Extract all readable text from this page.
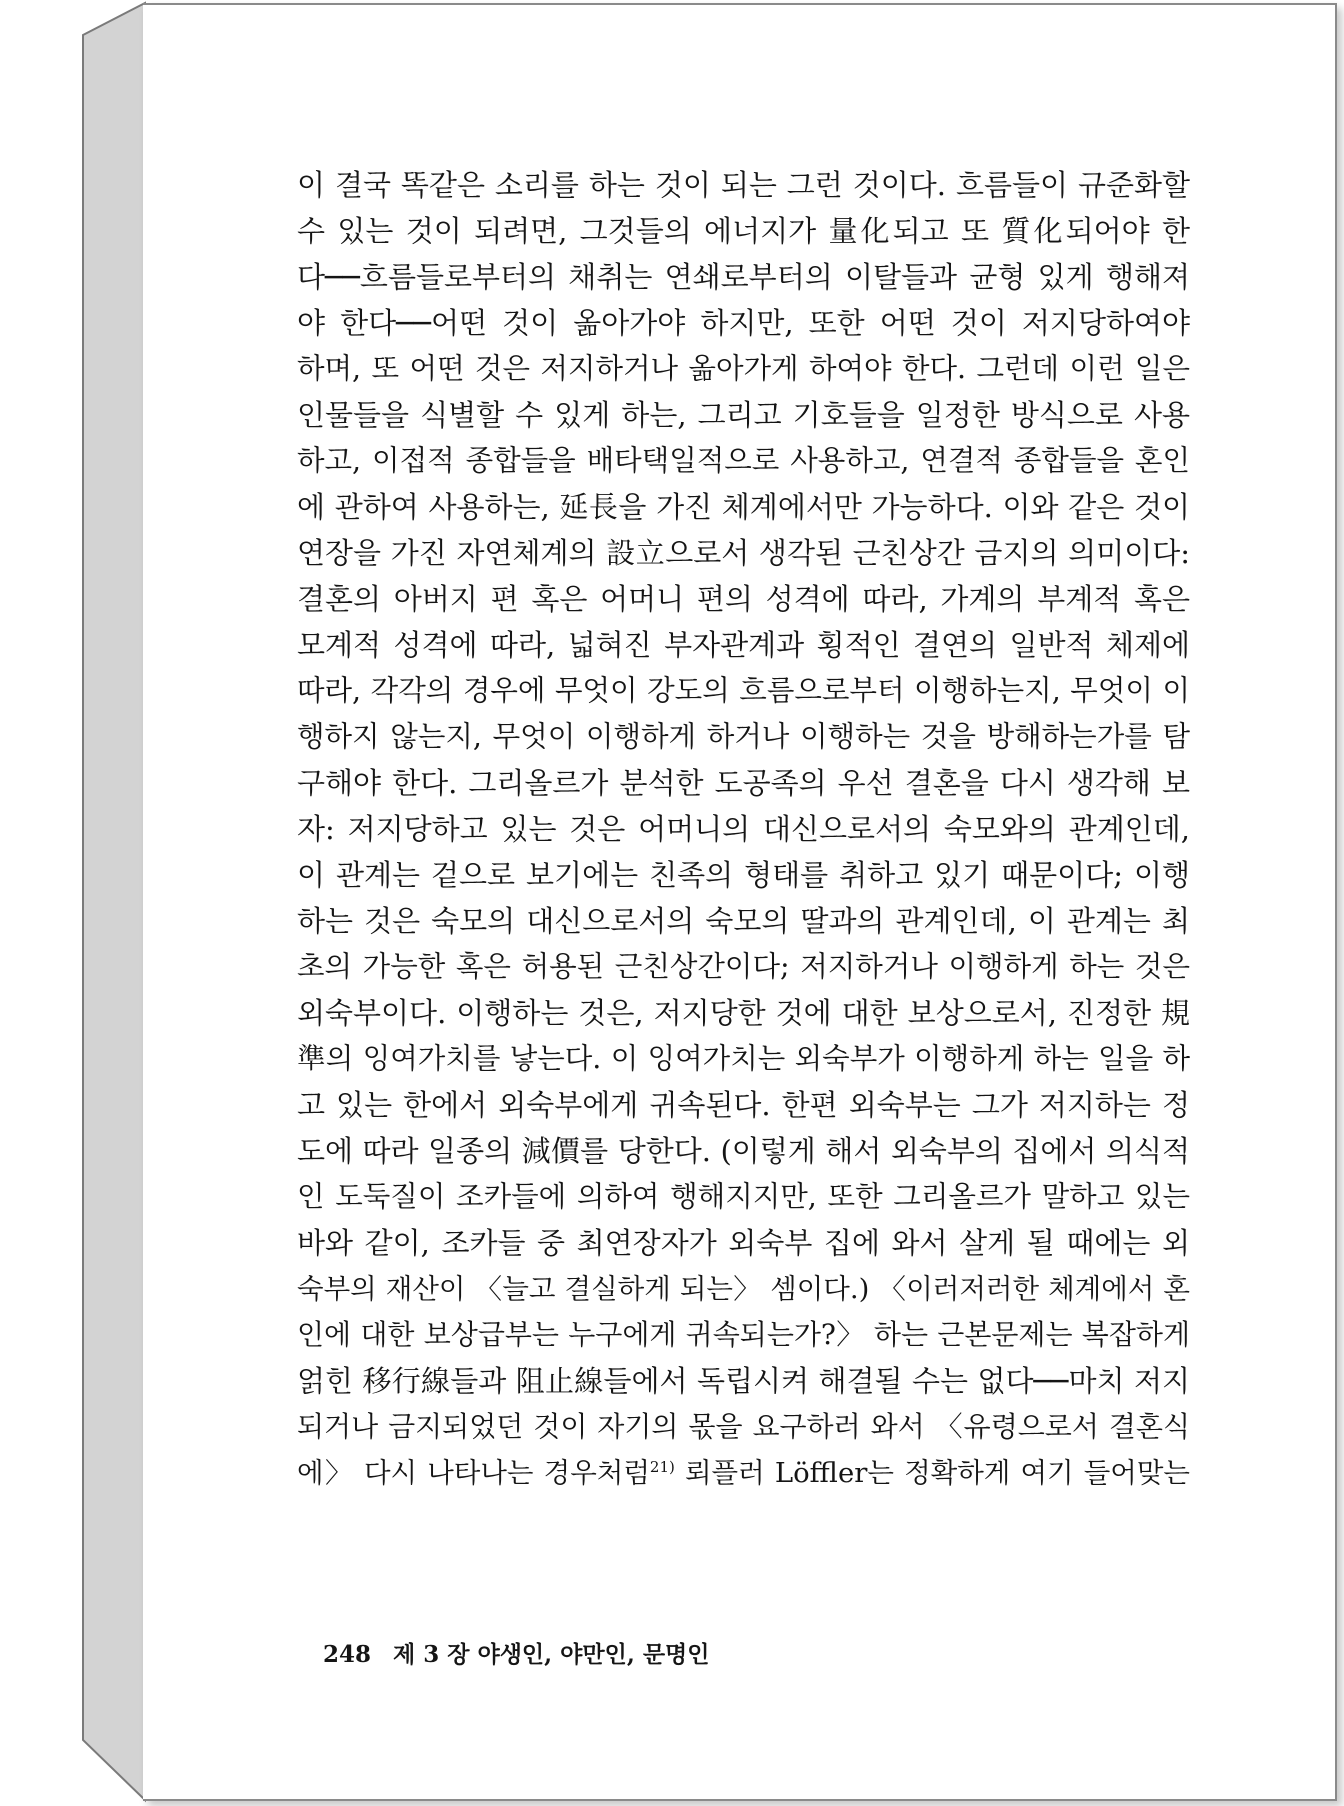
이 결국 똑같은 소리를 하는 것이 되는 그런 것이다. 흐름들이 규준화할
수 있는 것이 되려면, 그것들의 에너지가 量化되고 또 質化되어야 한
다──흐름들로부터의 채취는 연쇄로부터의 이탈들과 균형 있게 행해져
야 한다──어떤 것이 옮아가야 하지만, 또한 어떤 것이 저지당하여야
하며, 또 어떤 것은 저지하거나 옮아가게 하여야 한다. 그런데 이런 일은
인물들을 식별할 수 있게 하는, 그리고 기호들을 일정한 방식으로 사용
하고, 이접적 종합들을 배타택일적으로 사용하고, 연결적 종합들을 혼인
에 관하여 사용하는, 延長을 가진 체계에서만 가능하다. 이와 같은 것이
연장을 가진 자연체계의 設立으로서 생각된 근친상간 금지의 의미이다:
결혼의 아버지 편 혹은 어머니 편의 성격에 따라, 가계의 부계적 혹은
모계적 성격에 따라, 넓혀진 부자관계과 횡적인 결연의 일반적 체제에
따라, 각각의 경우에 무엇이 강도의 흐름으로부터 이행하는지, 무엇이 이
행하지 않는지, 무엇이 이행하게 하거나 이행하는 것을 방해하는가를 탐
구해야 한다. 그리올르가 분석한 도공족의 우선 결혼을 다시 생각해 보
자: 저지당하고 있는 것은 어머니의 대신으로서의 숙모와의 관계인데,
이 관계는 겉으로 보기에는 친족의 형태를 취하고 있기 때문이다; 이행
하는 것은 숙모의 대신으로서의 숙모의 딸과의 관계인데, 이 관계는 최
초의 가능한 혹은 허용된 근친상간이다; 저지하거나 이행하게 하는 것은
외숙부이다. 이행하는 것은, 저지당한 것에 대한 보상으로서, 진정한 規
準의 잉여가치를 낳는다. 이 잉여가치는 외숙부가 이행하게 하는 일을 하
고 있는 한에서 외숙부에게 귀속된다. 한편 외숙부는 그가 저지하는 정
도에 따라 일종의 減價를 당한다. (이렇게 해서 외숙부의 집에서 의식적
인 도둑질이 조카들에 의하여 행해지지만, 또한 그리올르가 말하고 있는
바와 같이, 조카들 중 최연장자가 외숙부 집에 와서 살게 될 때에는 외
숙부의 재산이 〈늘고 결실하게 되는〉 셈이다.) 〈이러저러한 체계에서 혼
인에 대한 보상급부는 누구에게 귀속되는가?〉 하는 근본문제는 복잡하게
얽힌 移行線들과 阻止線들에서 독립시켜 해결될 수는 없다──마치 저지
되거나 금지되었던 것이 자기의 몫을 요구하러 와서 〈유령으로서 결혼식
에〉 다시 나타나는 경우처럼$^{21)}$ 뢰플러 Löffler는 정확하게 여기 들어맞는
248 제 3 장 야생인, 야만인, 문명인
